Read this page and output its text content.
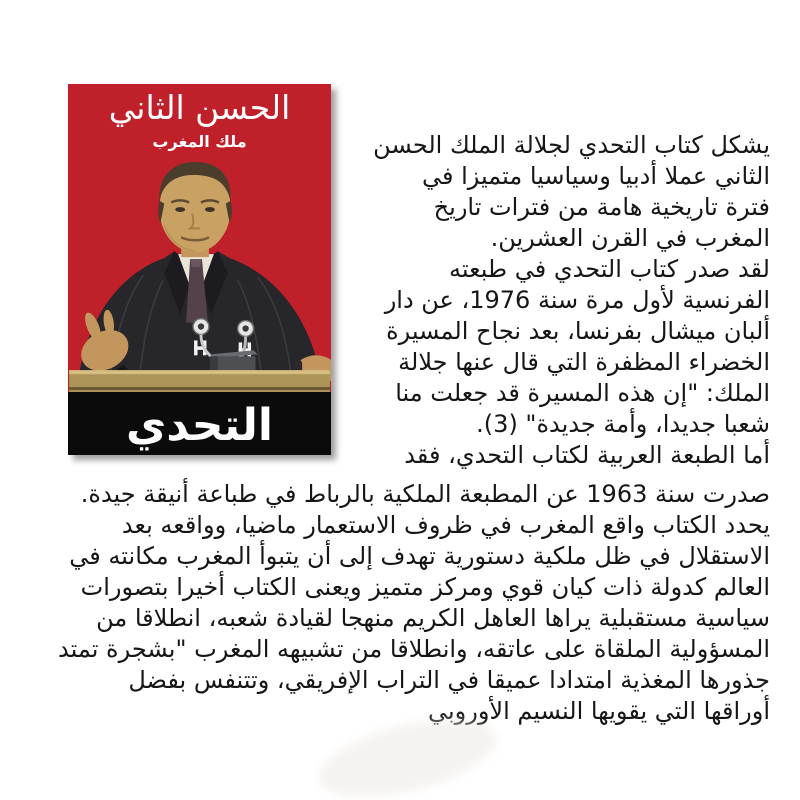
الحسن الثاني
ملك المغرب
التحدي
يشكل كتاب التحدي لجلالة الملك الحسن
الثاني عملا أدبيا وسياسيا متميزا في
فترة تاريخية هامة من فترات تاريخ
المغرب في القرن العشرين.
لقد صدر كتاب التحدي في طبعته
الفرنسية لأول مرة سنة 1976، عن دار
ألبان ميشال بفرنسا، بعد نجاح المسيرة
الخضراء المظفرة التي قال عنها جلالة
الملك: "إن هذه المسيرة قد جعلت منا
شعبا جديدا، وأمة جديدة" (3).
أما الطبعة العربية لكتاب التحدي، فقد
صدرت سنة 1963 عن المطبعة الملكية بالرباط في طباعة أنيقة جيدة.
يحدد الكتاب واقع المغرب في ظروف الاستعمار ماضيا، وواقعه بعد
الاستقلال في ظل ملكية دستورية تهدف إلى أن يتبوأ المغرب مكانته في
العالم كدولة ذات كيان قوي ومركز متميز ويعنى الكتاب أخيرا بتصورات
سياسية مستقبلية يراها العاهل الكريم منهجا لقيادة شعبه، انطلاقا من
المسؤولية الملقاة على عاتقه، وانطلاقا من تشبيهه المغرب "بشجرة تمتد
جذورها المغذية امتدادا عميقا في التراب الإفريقي، وتتنفس بفضل
أوراقها التي يقويها النسيم الأوروبي
